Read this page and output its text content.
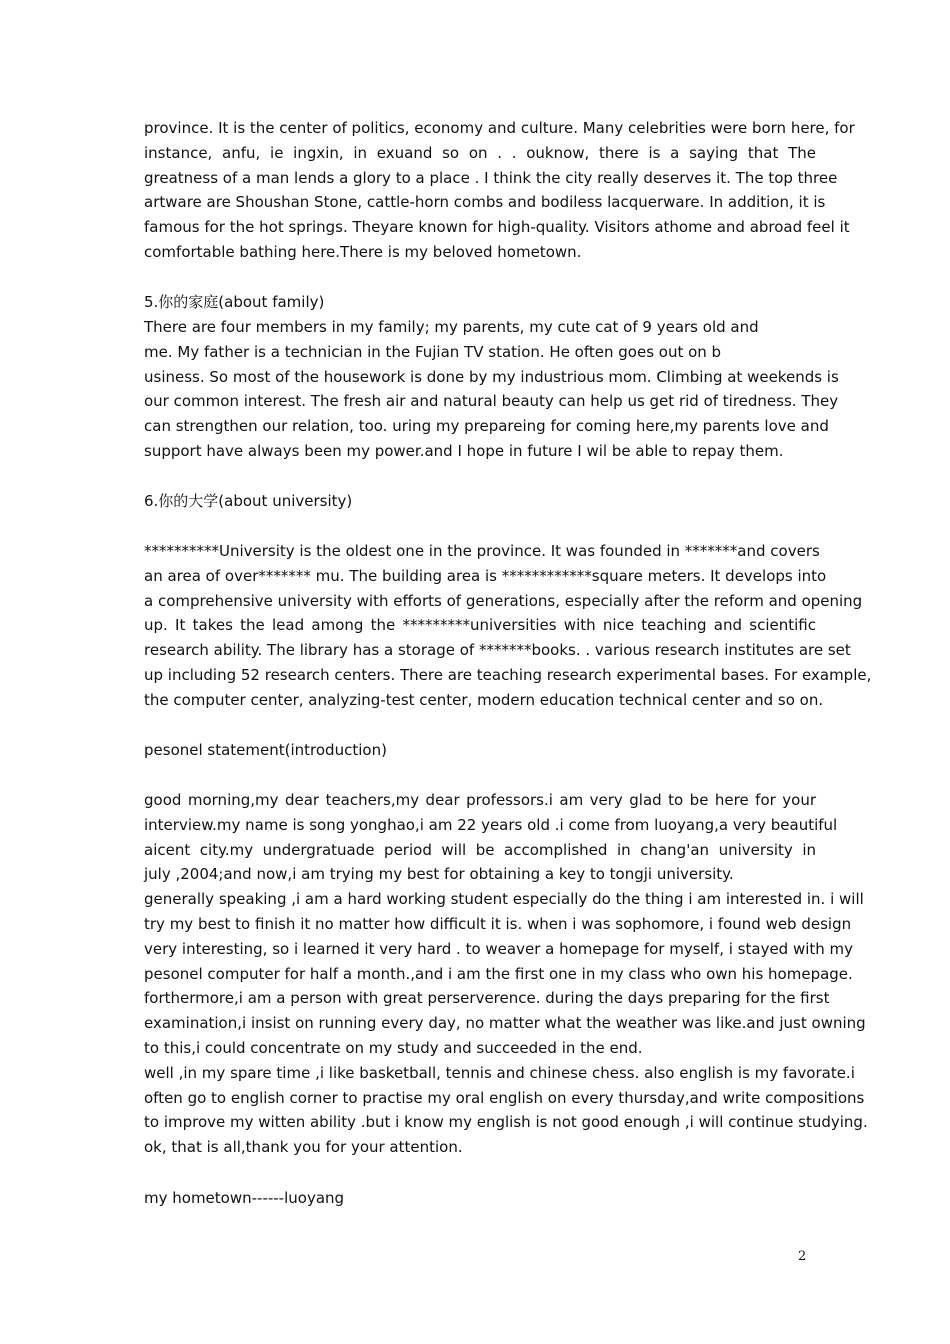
province. It is the center of politics, economy and culture. Many celebrities were born here, for
instance, anfu, ie ingxin, in exuand so on . . ouknow, there is a saying that The
greatness of a man lends a glory to a place . I think the city really deserves it. The top three
artware are Shoushan Stone, cattle-horn combs and bodiless lacquerware. In addition, it is
famous for the hot springs. Theyare known for high-quality. Visitors athome and abroad feel it
comfortable bathing here.There is my beloved hometown.
5.你的家庭(about family)
There are four members in my family; my parents, my cute cat of 9 years old and
me. My father is a technician in the Fujian TV station. He often goes out on b
usiness. So most of the housework is done by my industrious mom. Climbing at weekends is
our common interest. The fresh air and natural beauty can help us get rid of tiredness. They
can strengthen our relation, too. uring my prepareing for coming here,my parents love and
support have always been my power.and I hope in future I wil be able to repay them.
6.你的大学(about university)
**********University is the oldest one in the province. It was founded in *******and covers
an area of over******* mu. The building area is ************square meters. It develops into
a comprehensive university with efforts of generations, especially after the reform and opening
up. It takes the lead among the *********universities with nice teaching and scientific
research ability. The library has a storage of *******books. . various research institutes are set
up including 52 research centers. There are teaching research experimental bases. For example,
the computer center, analyzing-test center, modern education technical center and so on.
pesonel statement(introduction)
good morning,my dear teachers,my dear professors.i am very glad to be here for your
interview.my name is song yonghao,i am 22 years old .i come from luoyang,a very beautiful
aicent city.my undergratuade period will be accomplished in chang'an university in
july ,2004;and now,i am trying my best for obtaining a key to tongji university.
generally speaking ,i am a hard working student especially do the thing i am interested in. i will
try my best to finish it no matter how difficult it is. when i was sophomore, i found web design
very interesting, so i learned it very hard . to weaver a homepage for myself, i stayed with my
pesonel computer for half a month.,and i am the first one in my class who own his homepage.
forthermore,i am a person with great perserverence. during the days preparing for the first
examination,i insist on running every day, no matter what the weather was like.and just owning
to this,i could concentrate on my study and succeeded in the end.
well ,in my spare time ,i like basketball, tennis and chinese chess. also english is my favorate.i
often go to english corner to practise my oral english on every thursday,and write compositions
to improve my witten ability .but i know my english is not good enough ,i will continue studying.
ok, that is all,thank you for your attention.
my hometown------luoyang
2
